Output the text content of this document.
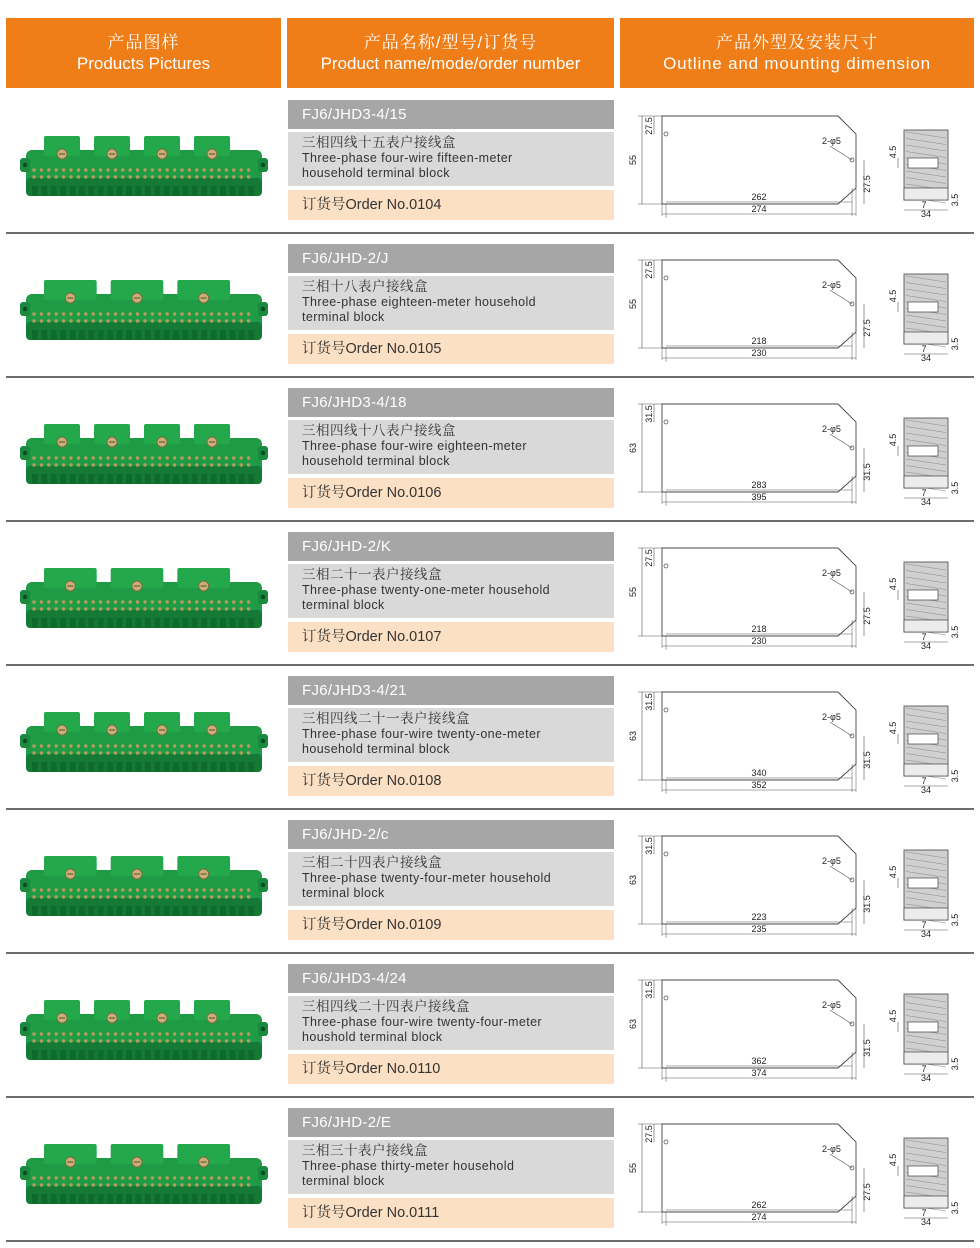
产品图样
Products Pictures
产品名称/型号/订货号
Product name/mode/order number
产品外型及安装尺寸
Outline and mounting dimension
FJ6/JHD3-4/15
三相四线十五表户接线盒
Three-phase four-wire fifteen-meter
household terminal block
订货号Order No.0104
55
27.5
2-φ5
27.5
262
274
4.5
7
34
3.5
FJ6/JHD-2/J
三相十八表户接线盒
Three-phase eighteen-meter household
terminal block
订货号Order No.0105
55
27.5
2-φ5
27.5
218
230
4.5
7
34
3.5
FJ6/JHD3-4/18
三相四线十八表户接线盒
Three-phase four-wire eighteen-meter
household terminal block
订货号Order No.0106
63
31.5
2-φ5
31.5
283
395
4.5
7
34
3.5
FJ6/JHD-2/K
三相二十一表户接线盒
Three-phase twenty-one-meter household
terminal block
订货号Order No.0107
55
27.5
2-φ5
27.5
218
230
4.5
7
34
3.5
FJ6/JHD3-4/21
三相四线二十一表户接线盒
Three-phase four-wire twenty-one-meter
household terminal block
订货号Order No.0108
63
31.5
2-φ5
31.5
340
352
4.5
7
34
3.5
FJ6/JHD-2/c
三相二十四表户接线盒
Three-phase twenty-four-meter household
terminal block
订货号Order No.0109
63
31.5
2-φ5
31.5
223
235
4.5
7
34
3.5
FJ6/JHD3-4/24
三相四线二十四表户接线盒
Three-phase four-wire twenty-four-meter
houshold terminal block
订货号Order No.0110
63
31.5
2-φ5
31.5
362
374
4.5
7
34
3.5
FJ6/JHD-2/E
三相三十表户接线盒
Three-phase thirty-meter household
terminal block
订货号Order No.0111
55
27.5
2-φ5
27.5
262
274
4.5
7
34
3.5
